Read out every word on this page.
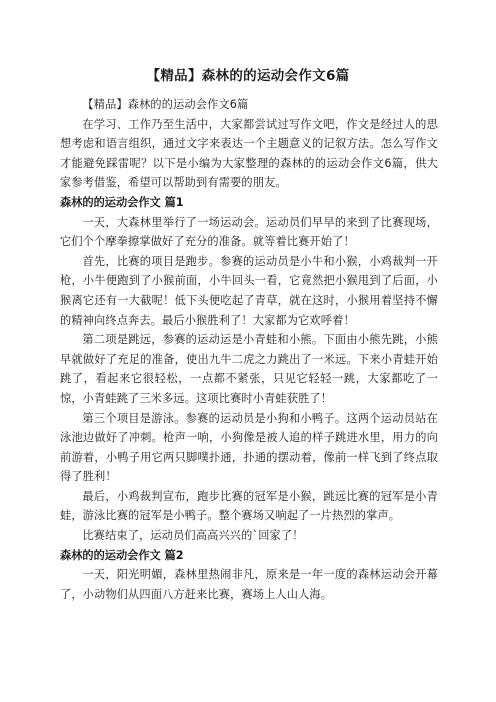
【精品】森林的的运动会作文6篇

【精品】森林的的运动会作文6篇

在学习、工作乃至生活中，大家都尝试过写作文吧，作文是经过人的思想考虑和语言组织，通过文字来表达一个主题意义的记叙方法。怎么写作文才能避免踩雷呢？以下是小编为大家整理的森林的的运动会作文6篇，供大家参考借鉴，希望可以帮助到有需要的朋友。

森林的的运动会作文 篇1

一天，大森林里举行了一场运动会。运动员们早早的来到了比赛现场，它们个个摩拳擦掌做好了充分的准备。就等着比赛开始了！

首先，比赛的项目是跑步。参赛的运动员是小牛和小猴，小鸡裁判一开枪，小牛便跑到了小猴前面，小牛回头一看，它竟然把小猴甩到了后面，小猴离它还有一大截呢！低下头便吃起了青草，就在这时，小猴用着坚持不懈的精神向终点奔去。最后小猴胜利了！大家都为它欢呼着！

第二项是跳远，参赛的运动运是小青蛙和小熊。下面由小熊先跳，小熊早就做好了充足的准备，使出九牛二虎之力跳出了一米远。下来小青蛙开始跳了，看起来它很轻松，一点都不紧张，只见它轻轻一跳，大家都吃了一惊，小青蛙跳了三米多远。这项比赛时小青蛙获胜了！

第三个项目是游泳。参赛的运动员是小狗和小鸭子。这两个运动员站在泳池边做好了冲刺。枪声一响，小狗像是被人追的样子跳进水里，用力的向前游着，小鸭子用它两只脚噗扑通，扑通的摆动着，像前一样飞到了终点取得了胜利！

最后，小鸡裁判宣布，跑步比赛的冠军是小猴，跳远比赛的冠军是小青蛙，游泳比赛的冠军是小鸭子。整个赛场又响起了一片热烈的掌声。

比赛结束了，运动员们高高兴兴的`回家了！

森林的的运动会作文 篇2

一天，阳光明媚，森林里热闹非凡，原来是一年一度的森林运动会开幕了，小动物们从四面八方赶来比赛，赛场上人山人海。
